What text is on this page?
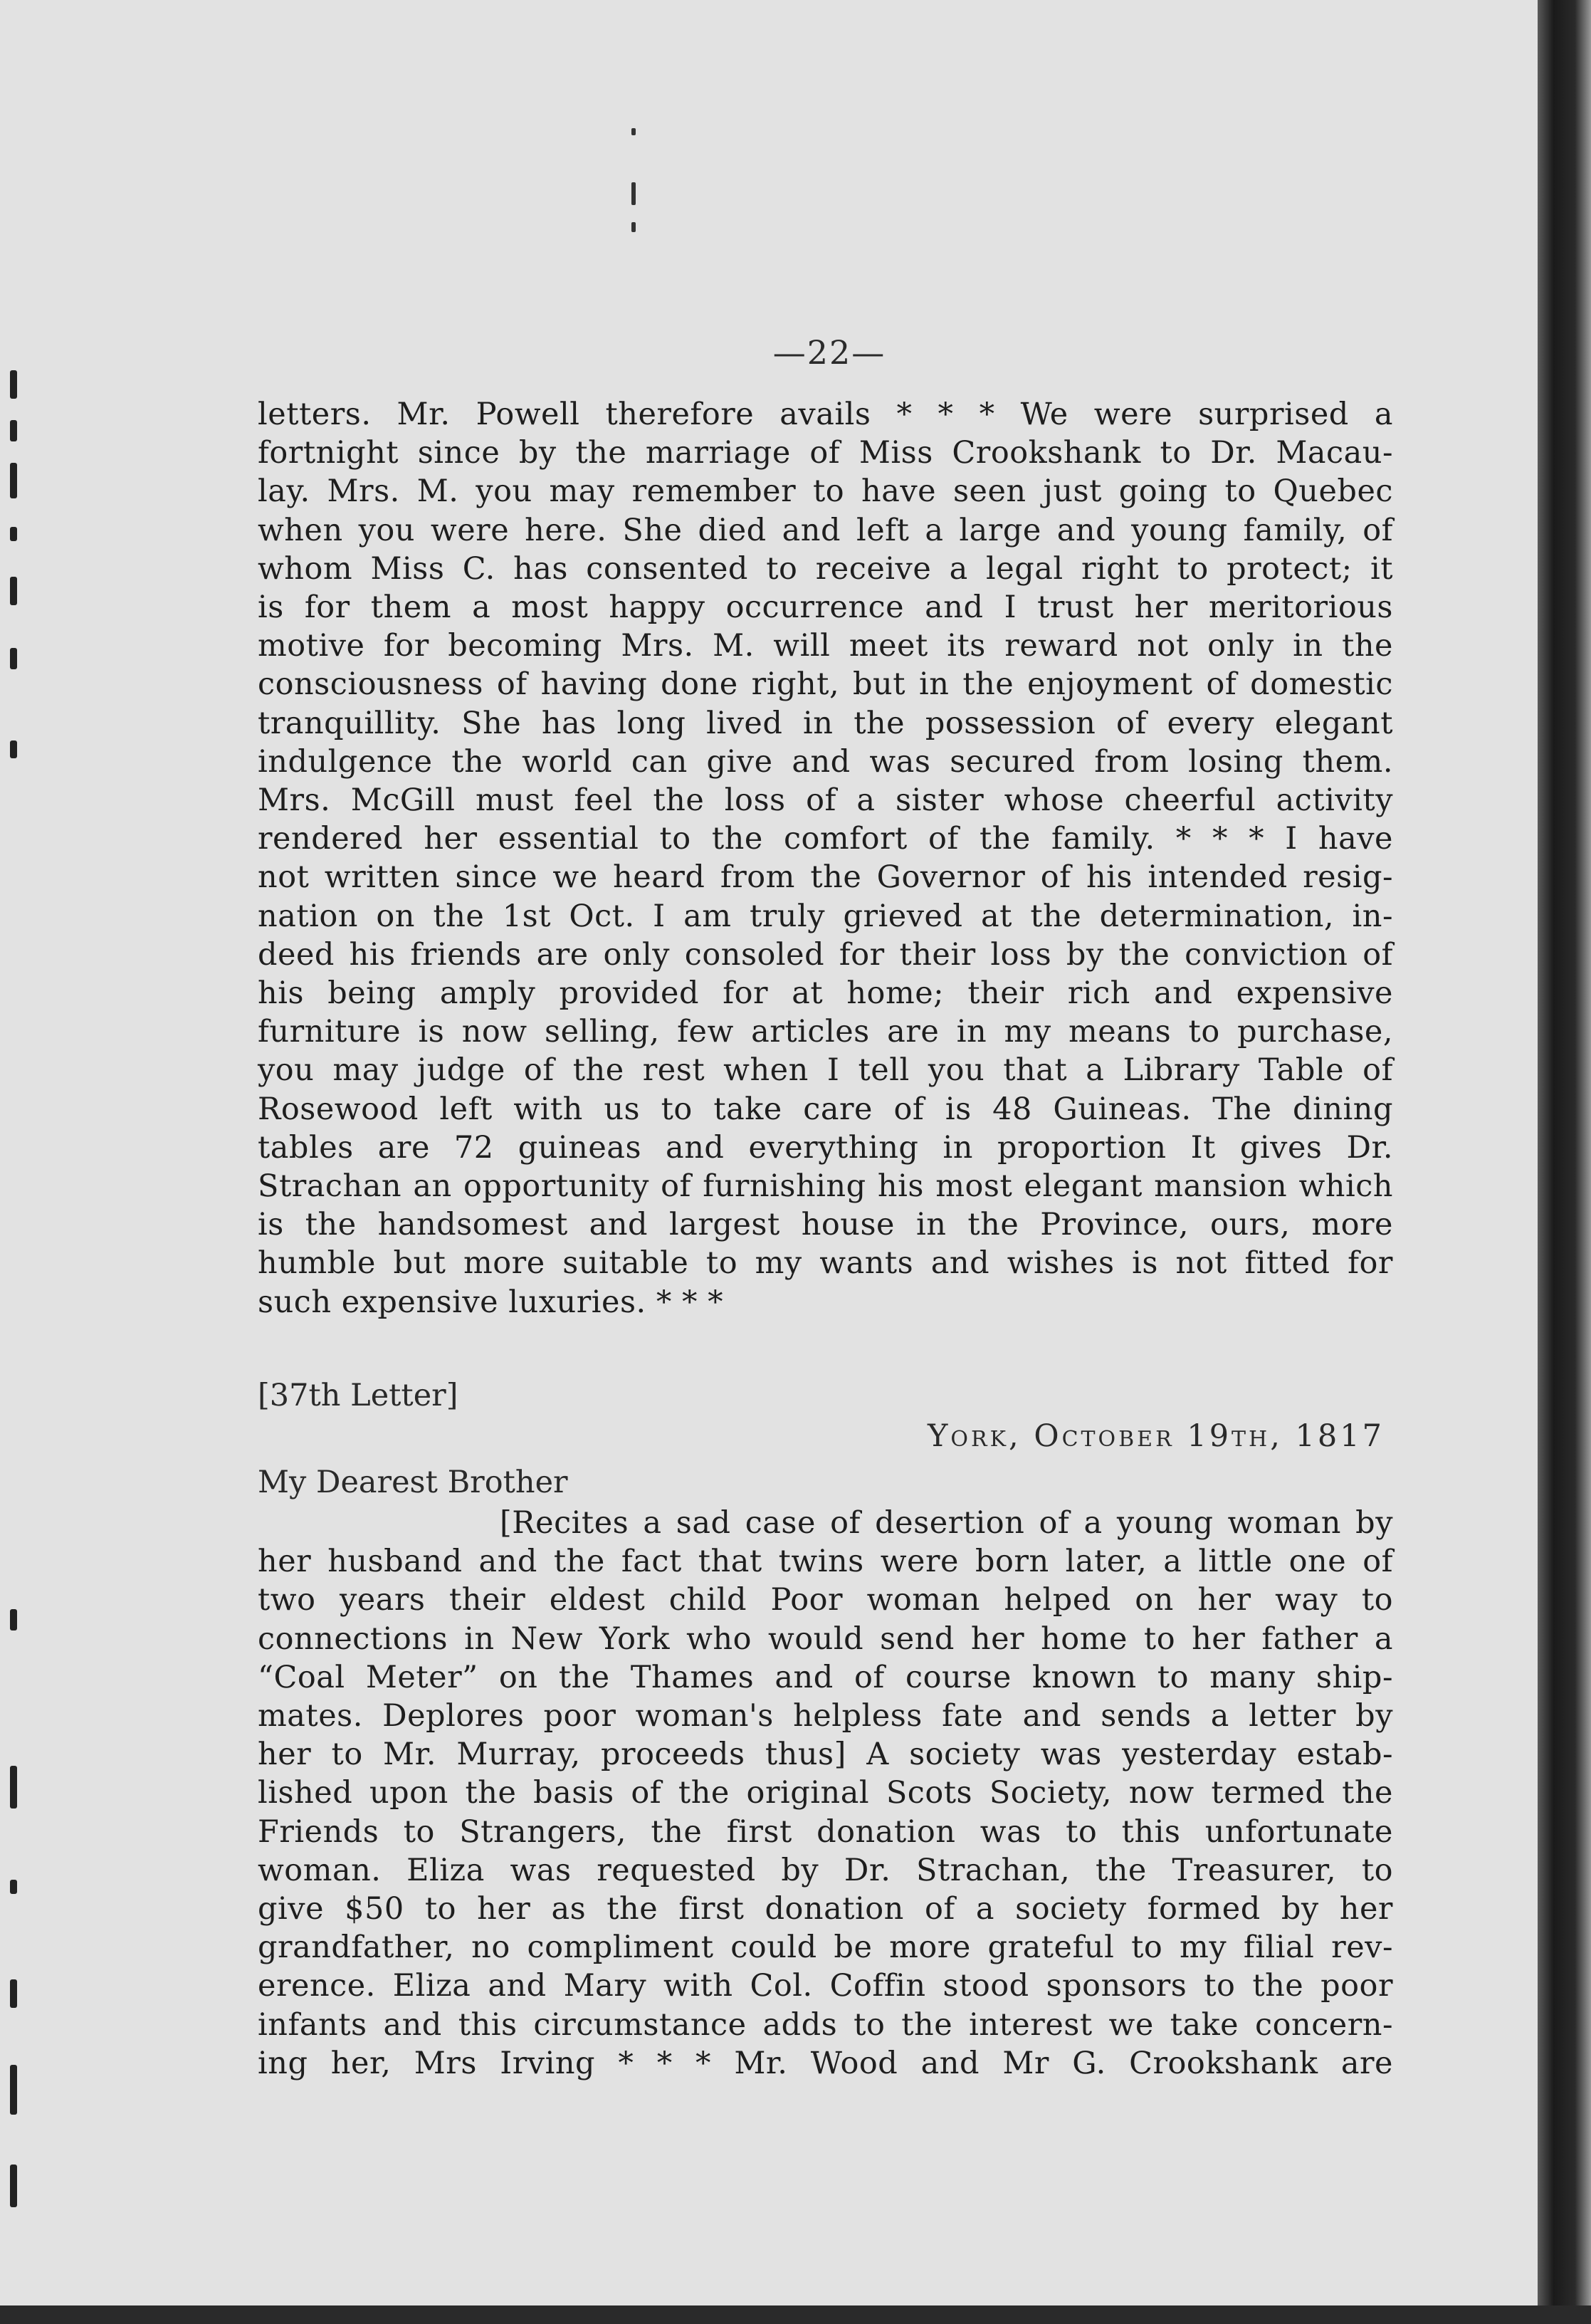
—22—
letters. Mr. Powell therefore avails * * * We were surprised a
fortnight since by the marriage of Miss Crookshank to Dr. Macau-
lay. Mrs. M. you may remember to have seen just going to Quebec
when you were here. She died and left a large and young family, of
whom Miss C. has consented to receive a legal right to protect; it
is for them a most happy occurrence and I trust her meritorious
motive for becoming Mrs. M. will meet its reward not only in the
consciousness of having done right, but in the enjoyment of domestic
tranquillity. She has long lived in the possession of every elegant
indulgence the world can give and was secured from losing them.
Mrs. McGill must feel the loss of a sister whose cheerful activity
rendered her essential to the comfort of the family. * * * I have
not written since we heard from the Governor of his intended resig-
nation on the 1st Oct. I am truly grieved at the determination, in-
deed his friends are only consoled for their loss by the conviction of
his being amply provided for at home; their rich and expensive
furniture is now selling, few articles are in my means to purchase,
you may judge of the rest when I tell you that a Library Table of
Rosewood left with us to take care of is 48 Guineas. The dining
tables are 72 guineas and everything in proportion It gives Dr.
Strachan an opportunity of furnishing his most elegant mansion which
is the handsomest and largest house in the Province, ours, more
humble but more suitable to my wants and wishes is not fitted for
such expensive luxuries. * * *
[37th Letter]
York, October 19th, 1817
My Dearest Brother
[Recites a sad case of desertion of a young woman by
her husband and the fact that twins were born later, a little one of
two years their eldest child Poor woman helped on her way to
connections in New York who would send her home to her father a
“Coal Meter” on the Thames and of course known to many ship-
mates. Deplores poor woman's helpless fate and sends a letter by
her to Mr. Murray, proceeds thus] A society was yesterday estab-
lished upon the basis of the original Scots Society, now termed the
Friends to Strangers, the first donation was to this unfortunate
woman. Eliza was requested by Dr. Strachan, the Treasurer, to
give $50 to her as the first donation of a society formed by her
grandfather, no compliment could be more grateful to my filial rev-
erence. Eliza and Mary with Col. Coffin stood sponsors to the poor
infants and this circumstance adds to the interest we take concern-
ing her, Mrs Irving * * * Mr. Wood and Mr G. Crookshank are
